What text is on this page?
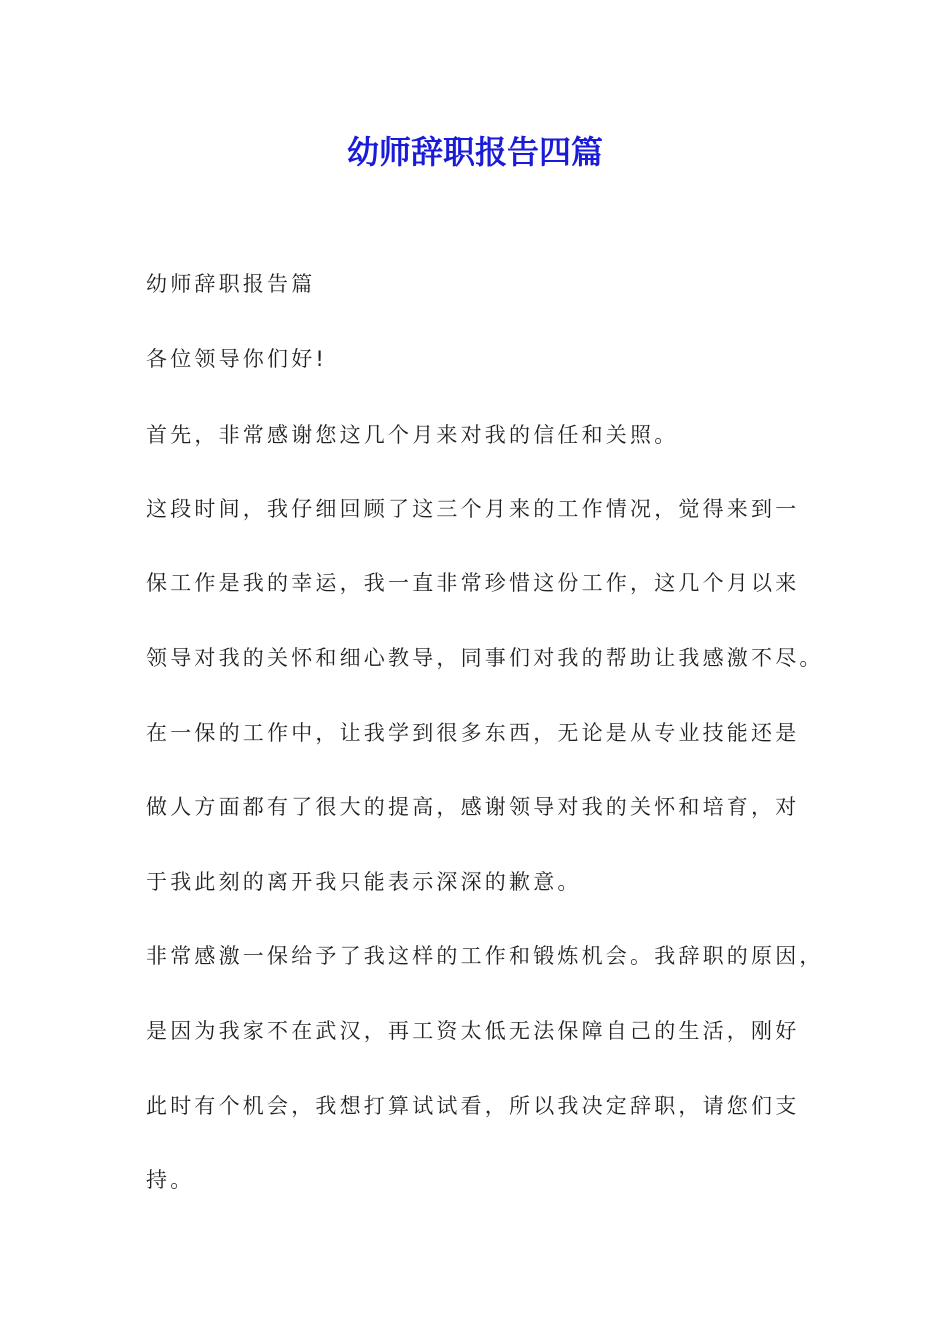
幼师辞职报告四篇
幼师辞职报告篇
各位领导你们好!
首先，非常感谢您这几个月来对我的信任和关照。
这段时间，我仔细回顾了这三个月来的工作情况，觉得来到一
保工作是我的幸运，我一直非常珍惜这份工作，这几个月以来
领导对我的关怀和细心教导，同事们对我的帮助让我感激不尽。
在一保的工作中，让我学到很多东西，无论是从专业技能还是
做人方面都有了很大的提高，感谢领导对我的关怀和培育，对
于我此刻的离开我只能表示深深的歉意。
非常感激一保给予了我这样的工作和锻炼机会。我辞职的原因，
是因为我家不在武汉，再工资太低无法保障自己的生活，刚好
此时有个机会，我想打算试试看，所以我决定辞职，请您们支
持。
